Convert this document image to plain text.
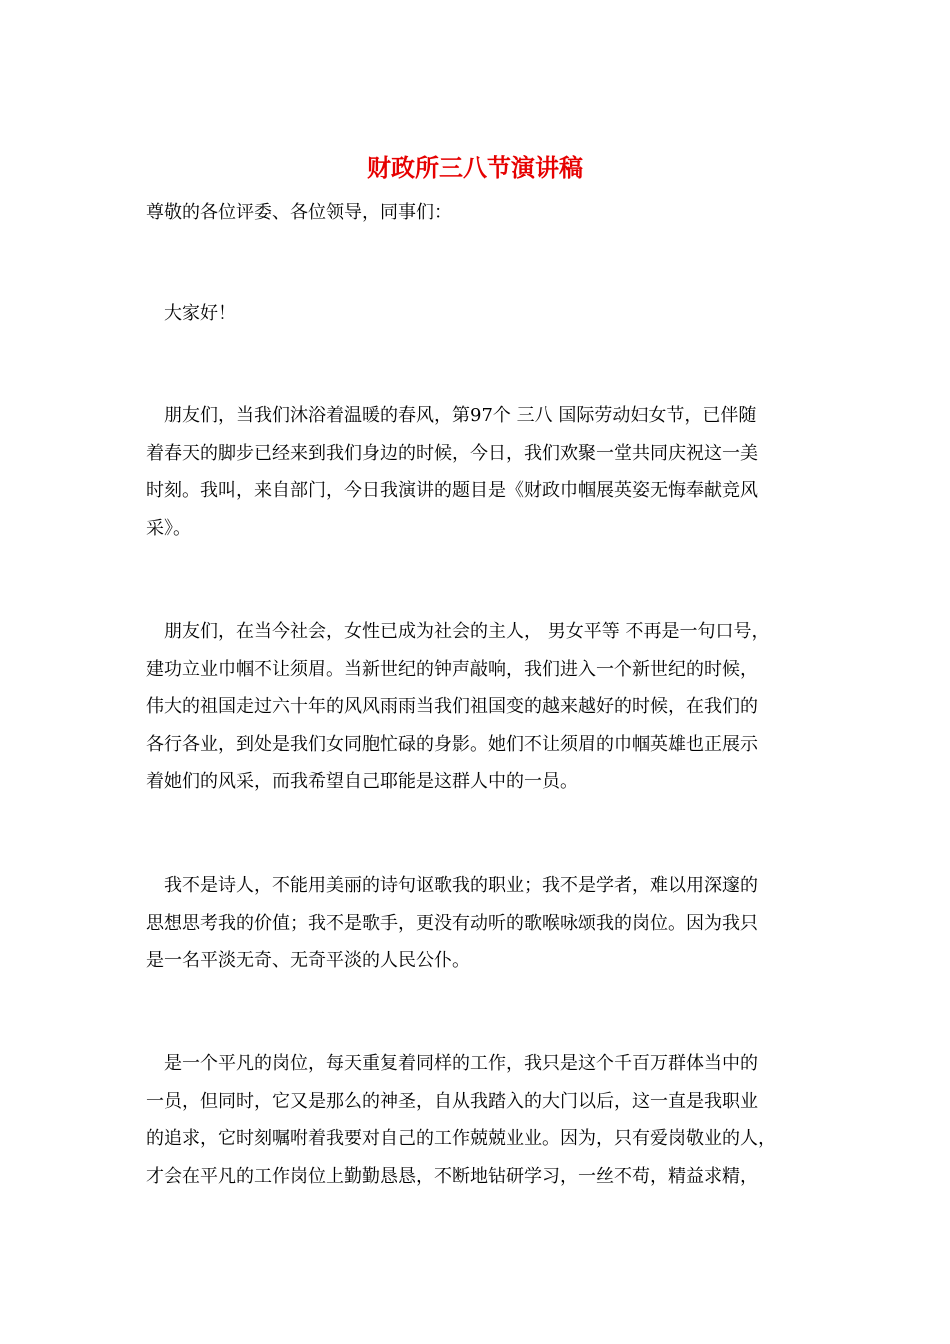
财政所三八节演讲稿
尊敬的各位评委、各位领导，同事们：
　大家好！
　朋友们，当我们沐浴着温暖的春风，第97个 三八 国际劳动妇女节，已伴随
着春天的脚步已经来到我们身边的时候，今日，我们欢聚一堂共同庆祝这一美
时刻。我叫，来自部门，今日我演讲的题目是《财政巾帼展英姿无悔奉献竞风
采》。
　朋友们，在当今社会，女性已成为社会的主人， 男女平等 不再是一句口号，
建功立业巾帼不让须眉。当新世纪的钟声敲响，我们进入一个新世纪的时候，
伟大的祖国走过六十年的风风雨雨当我们祖国变的越来越好的时候，在我们的
各行各业，到处是我们女同胞忙碌的身影。她们不让须眉的巾帼英雄也正展示
着她们的风采，而我希望自己耶能是这群人中的一员。
　我不是诗人，不能用美丽的诗句讴歌我的职业；我不是学者，难以用深邃的
思想思考我的价值；我不是歌手，更没有动听的歌喉咏颂我的岗位。因为我只
是一名平淡无奇、无奇平淡的人民公仆。
　是一个平凡的岗位，每天重复着同样的工作，我只是这个千百万群体当中的
一员，但同时，它又是那么的神圣，自从我踏入的大门以后，这一直是我职业
的追求，它时刻嘱咐着我要对自己的工作兢兢业业。因为，只有爱岗敬业的人，
才会在平凡的工作岗位上勤勤恳恳，不断地钻研学习，一丝不苟，精益求精，
